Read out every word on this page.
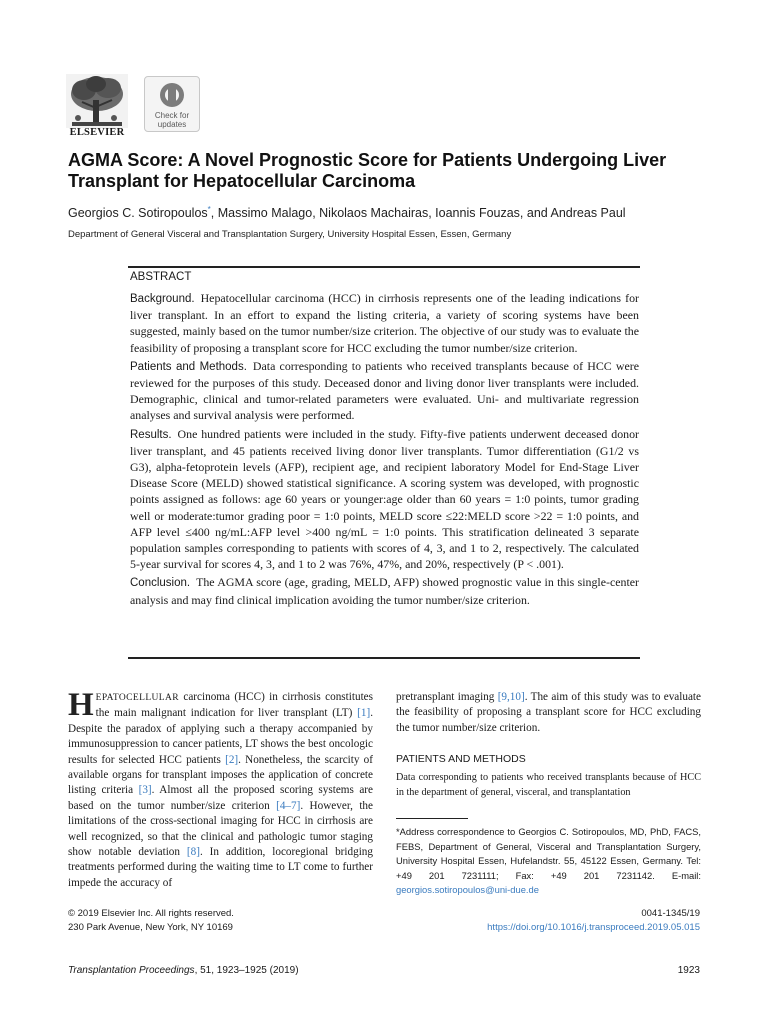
ELSEVIER
Check for
updates
AGMA Score: A Novel Prognostic Score for Patients Undergoing Liver Transplant for Hepatocellular Carcinoma
Georgios C. Sotiropoulos*, Massimo Malago, Nikolaos Machairas, Ioannis Fouzas, and Andreas Paul
Department of General Visceral and Transplantation Surgery, University Hospital Essen, Essen, Germany
ABSTRACT

Background. Hepatocellular carcinoma (HCC) in cirrhosis represents one of the leading indications for liver transplant. In an effort to expand the listing criteria, a variety of scoring systems have been suggested, mainly based on the tumor number/size criterion. The objective of our study was to evaluate the feasibility of proposing a transplant score for HCC excluding the tumor number/size criterion.

Patients and Methods. Data corresponding to patients who received transplants because of HCC were reviewed for the purposes of this study. Deceased donor and living donor liver transplants were included. Demographic, clinical and tumor-related parameters were evaluated. Uni- and multivariate regression analyses and survival analysis were performed.

Results. One hundred patients were included in the study. Fifty-five patients underwent deceased donor liver transplant, and 45 patients received living donor liver transplants. Tumor differentiation (G1/2 vs G3), alpha-fetoprotein levels (AFP), recipient age, and recipient laboratory Model for End-Stage Liver Disease Score (MELD) showed statistical significance. A scoring system was developed, with prognostic points assigned as follows: age 60 years or younger:age older than 60 years = 1:0 points, tumor grading well or moderate:tumor grading poor = 1:0 points, MELD score ≤22:MELD score >22 = 1:0 points, and AFP level ≤400 ng/mL:AFP level >400 ng/mL = 1:0 points. This stratification delineated 3 separate population samples corresponding to patients with scores of 4, 3, and 1 to 2, respectively. The calculated 5-year survival for scores 4, 3, and 1 to 2 was 76%, 47%, and 20%, respectively (P < .001).

Conclusion. The AGMA score (age, grading, MELD, AFP) showed prognostic value in this single-center analysis and may find clinical implication avoiding the tumor number/size criterion.

HEPATOCELLULAR carcinoma (HCC) in cirrhosis constitutes the main malignant indication for liver transplant (LT) [1]. Despite the paradox of applying such a therapy accompanied by immunosuppression to cancer patients, LT shows the best oncologic results for selected HCC patients [2]. Nonetheless, the scarcity of available organs for transplant imposes the application of concrete listing criteria [3]. Almost all the proposed scoring systems are based on the tumor number/size criterion [4–7]. However, the limitations of the cross-sectional imaging for HCC in cirrhosis are well recognized, so that the clinical and pathologic tumor staging show notable deviation [8]. In addition, locoregional bridging treatments performed during the waiting time to LT come to further impede the accuracy of

pretransplant imaging [9,10]. The aim of this study was to evaluate the feasibility of proposing a transplant score for HCC excluding the tumor number/size criterion.

PATIENTS AND METHODS

Data corresponding to patients who received transplants because of HCC in the department of general, visceral, and transplantation

*Address correspondence to Georgios C. Sotiropoulos, MD, PhD, FACS, FEBS, Department of General, Visceral and Transplantation Surgery, University Hospital Essen, Hufelandstr. 55, 45122 Essen, Germany. Tel: +49 201 7231111; Fax: +49 201 7231142. E-mail: georgios.sotiropoulos@uni-due.de
© 2019 Elsevier Inc. All rights reserved.
230 Park Avenue, New York, NY 10169
0041-1345/19
https://doi.org/10.1016/j.transproceed.2019.05.015
Transplantation Proceedings, 51, 1923–1925 (2019)	1923
